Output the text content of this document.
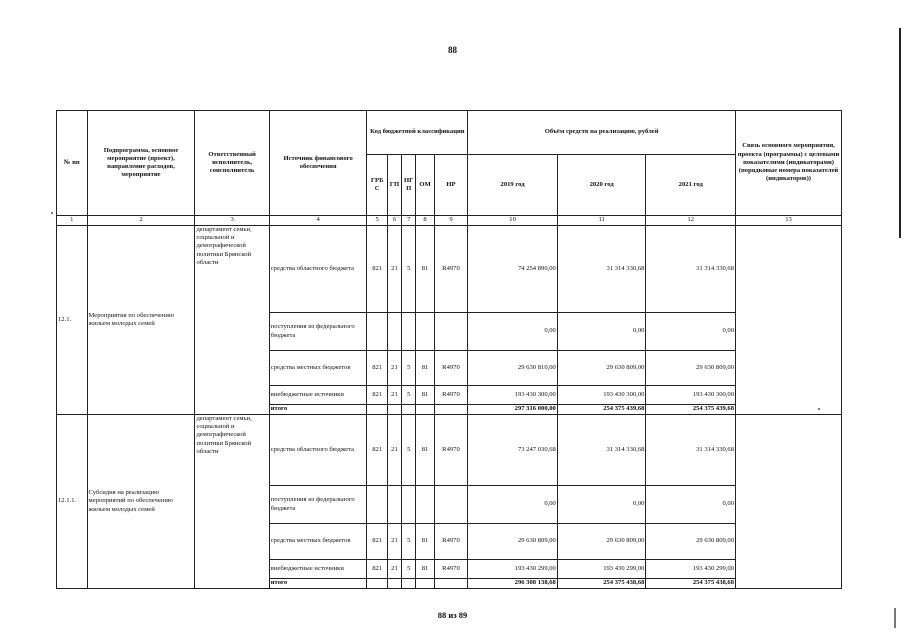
88
№ пп	Подпрограмма, основное мероприятие (проект), направление расходов, мероприятие	Ответственный исполнитель, соисполнитель	Источник финансового обеспечения	Код бюджетной классификации					Объём средств на реализацию, рублей			Связь основного мероприятия, проекта (программы) с целевыми показателями (индикаторами) (порядковые номера показателей (индикаторов))
				ГРБ С	ГП	НГ П	ОМ	НР	2019 год	2020 год	2021 год	
1	2	3	4	5	6	7	8	9	10	11	12	13
12.1.	Мероприятия по обеспечению жильем молодых семей	департамент семьи, социальной и демографической политики Брянской области	средства областного бюджета	821	21	5	81	R4970	74 254 890,00	31 314 330,68	31 314 330,68	
			поступления из федерального бюджета						0,00	0,00	0,00	
			средства местных бюджетов	821	21	5	81	R4970	29 630 810,00	29 630 809,00	29 630 809,00	
			внебюджетные источники	821	21	5	81	R4970	193 430 300,00	193 430 300,00	193 430 300,00	
			итого						297 316 000,00	254 375 439,68	254 375 439,68	
12.1.1.	Субсидия на реализацию мероприятий по обеспечению жильем молодых семей	департамент семьи, социальной и демографической политики Брянской области	средства областного бюджета	821	21	5	81	R4970	73 247 030,68	31 314 330,68	31 314 330,68	
			поступления из федерального бюджета						0,00	0,00	0,00	
			средства местных бюджетов	821	21	5	81	R4970	29 630 809,00	29 630 809,00	29 630 809,00	
			внебюджетные источники	821	21	5	81	R4970	193 430 299,00	193 430 299,00	193 430 299,00	
			итого						296 308 138,68	254 375 438,68	254 375 438,68	
88 из 89
